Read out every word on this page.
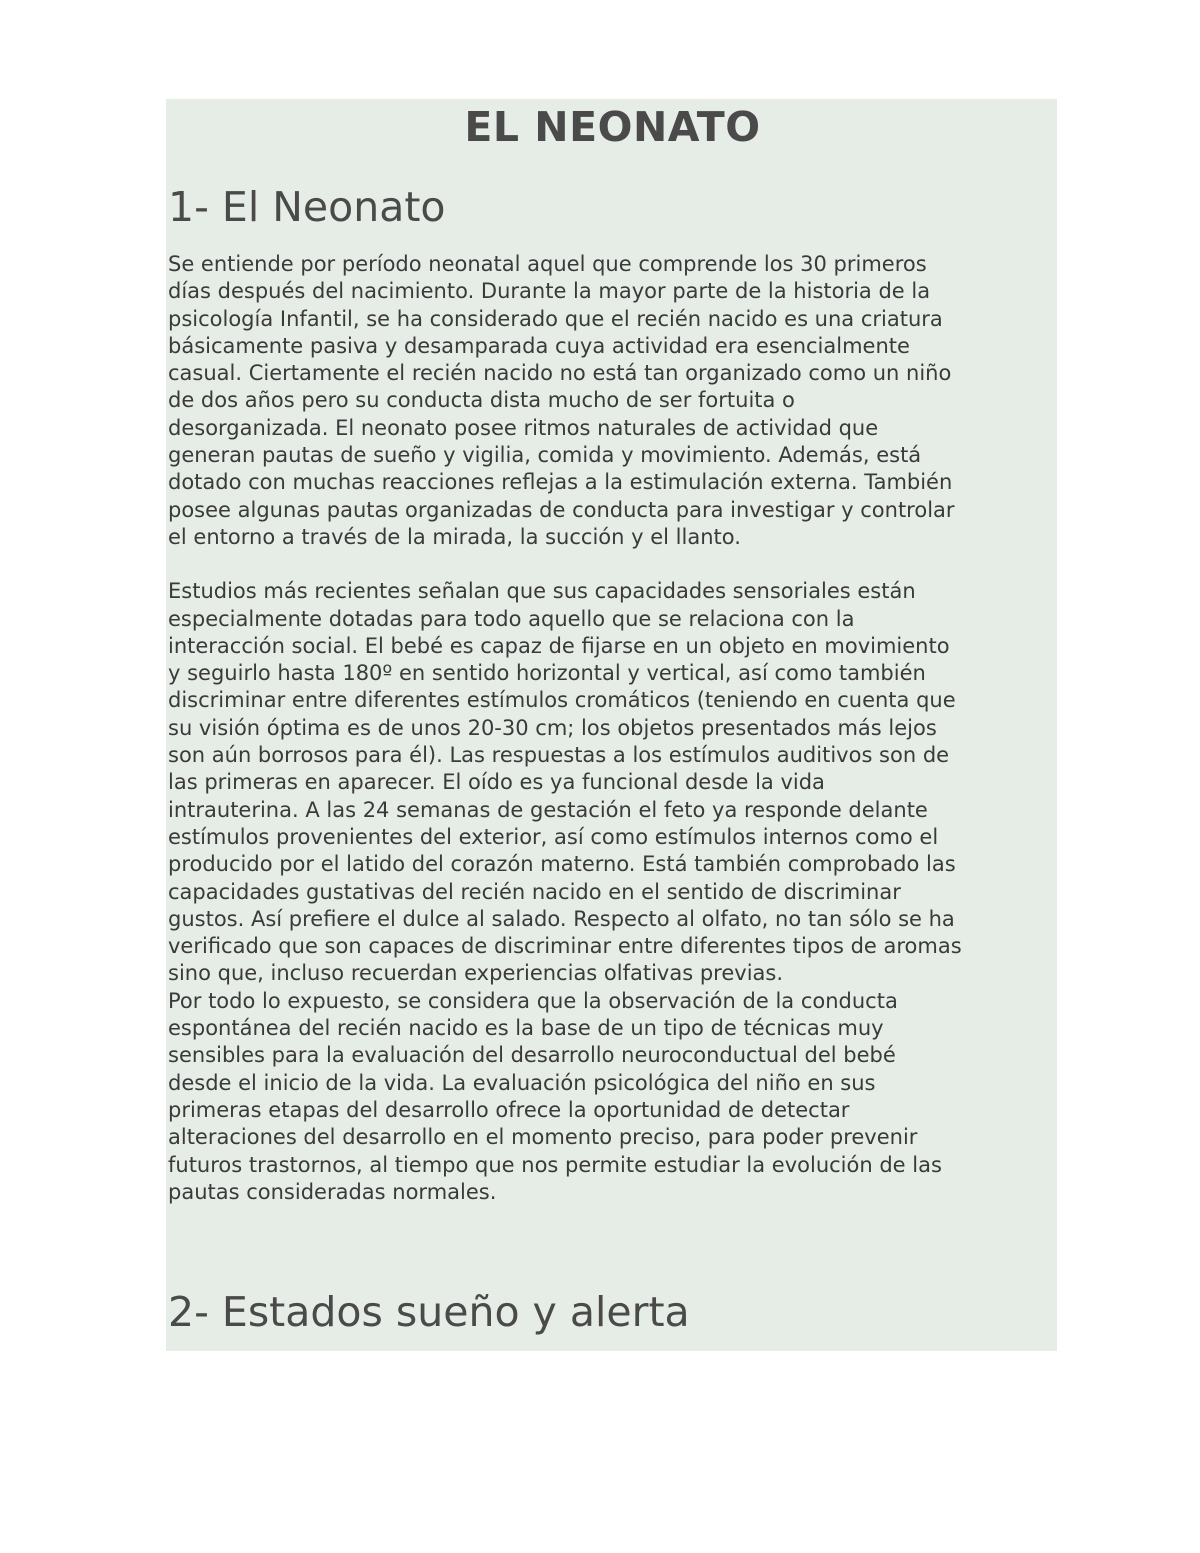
EL NEONATO
1- El Neonato

Se entiende por período neonatal aquel que comprende los 30 primeros
días después del nacimiento. Durante la mayor parte de la historia de la
psicología Infantil, se ha considerado que el recién nacido es una criatura
básicamente pasiva y desamparada cuya actividad era esencialmente
casual. Ciertamente el recién nacido no está tan organizado como un niño
de dos años pero su conducta dista mucho de ser fortuita o
desorganizada. El neonato posee ritmos naturales de actividad que
generan pautas de sueño y vigilia, comida y movimiento. Además, está
dotado con muchas reacciones reflejas a la estimulación externa. También
posee algunas pautas organizadas de conducta para investigar y controlar
el entorno a través de la mirada, la succión y el llanto.

Estudios más recientes señalan que sus capacidades sensoriales están
especialmente dotadas para todo aquello que se relaciona con la
interacción social. El bebé es capaz de fijarse en un objeto en movimiento
y seguirlo hasta 180º en sentido horizontal y vertical, así como también
discriminar entre diferentes estímulos cromáticos (teniendo en cuenta que
su visión óptima es de unos 20-30 cm; los objetos presentados más lejos
son aún borrosos para él). Las respuestas a los estímulos auditivos son de
las primeras en aparecer. El oído es ya funcional desde la vida
intrauterina. A las 24 semanas de gestación el feto ya responde delante
estímulos provenientes del exterior, así como estímulos internos como el
producido por el latido del corazón materno. Está también comprobado las
capacidades gustativas del recién nacido en el sentido de discriminar
gustos. Así prefiere el dulce al salado. Respecto al olfato, no tan sólo se ha
verificado que son capaces de discriminar entre diferentes tipos de aromas
sino que, incluso recuerdan experiencias olfativas previas.

Por todo lo expuesto, se considera que la observación de la conducta
espontánea del recién nacido es la base de un tipo de técnicas muy
sensibles para la evaluación del desarrollo neuroconductual del bebé
desde el inicio de la vida. La evaluación psicológica del niño en sus
primeras etapas del desarrollo ofrece la oportunidad de detectar
alteraciones del desarrollo en el momento preciso, para poder prevenir
futuros trastornos, al tiempo que nos permite estudiar la evolución de las
pautas consideradas normales.

2- Estados sueño y alerta
